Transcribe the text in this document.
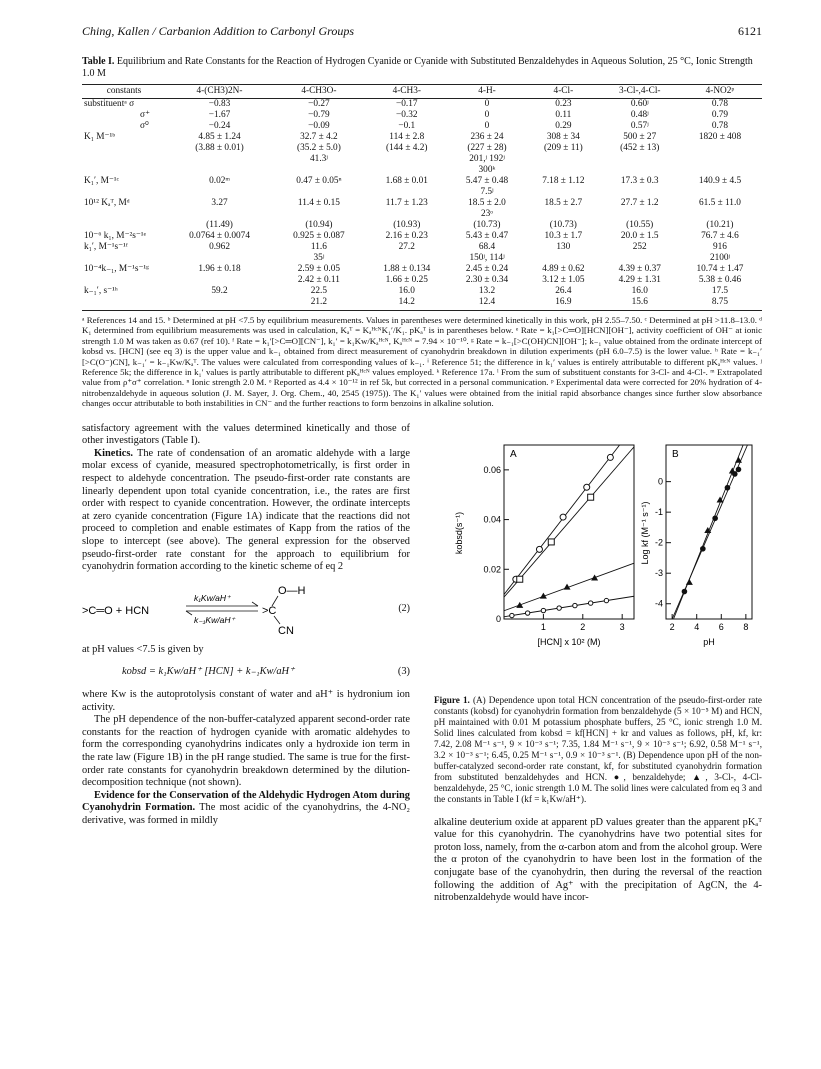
Ching, Kallen / Carbanion Addition to Carbonyl Groups	6121
Table I. Equilibrium and Rate Constants for the Reaction of Hydrogen Cyanide or Cyanide with Substituted Benzaldehydes in Aqueous Solution, 25 °C, Ionic Strength 1.0 M
constants	4-(CH3)2N-	4-CH3O-	4-CH3-	4-H-	4-Cl-	3-Cl-,4-Cl-	4-NO2ᵖ
substituentᵃ σ	−0.83	−0.27	−0.17	0	0.23	0.60ʲ	0.78
σ⁺	−1.67	−0.79	−0.32	0	0.11	0.48ʲ	0.79
σ⁰	−0.24	−0.09	−0.1	0	0.29	0.57ʲ	0.78
K₁ M⁻¹ᵇ	4.85 ± 1.24	32.7 ± 4.2	114 ± 2.8	236 ± 24	308 ± 34	500 ± 27	1820 ± 408
	(3.88 ± 0.01)	(35.2 ± 5.0)	(144 ± 4.2)	(227 ± 28)	(209 ± 11)	(452 ± 13)	
		41.3ʲ		201,ʲ 192ʲ			
				300ᵏ			
K₁′, M⁻¹ᶜ	0.02ᵐ	0.47 ± 0.05ⁿ	1.68 ± 0.01	5.47 ± 0.48	7.18 ± 1.12	17.3 ± 0.3	140.9 ± 4.5
				7.5ʲ			
10¹² Kₐᵀ, Mᵈ	3.27	11.4 ± 0.15	11.7 ± 1.23	18.5 ± 2.0	18.5 ± 2.7	27.7 ± 1.2	61.5 ± 11.0
				23ᵒ			
	(11.49)	(10.94)	(10.93)	(10.73)	(10.73)	(10.55)	(10.21)
10⁻⁶ k₁, M⁻²s⁻¹ᵉ	0.0764 ± 0.0074	0.925 ± 0.087	2.16 ± 0.23	5.43 ± 0.47	10.3 ± 1.7	20.0 ± 1.5	76.7 ± 4.6
k₁′, M⁻¹s⁻¹ᶠ	0.962	11.6	27.2	68.4	130	252	916
		35ʲ		150ʲ, 114ʲ			2100ʲ
10⁻⁴k₋₁, M⁻¹s⁻¹ᵍ	1.96 ± 0.18	2.59 ± 0.05	1.88 ± 0.134	2.45 ± 0.24	4.89 ± 0.62	4.39 ± 0.37	10.74 ± 1.47
		2.42 ± 0.11	1.66 ± 0.25	2.30 ± 0.34	3.12 ± 1.05	4.29 ± 1.31	5.38 ± 0.46
k₋₁′, s⁻¹ʰ	59.2	22.5	16.0	13.2	26.4	16.0	17.5
		21.2	14.2	12.4	16.9	15.6	8.75
ᵃ References 14 and 15. ᵇ Determined at pH <7.5 by equilibrium measurements. Values in parentheses were determined kinetically in this work, pH 2.55–7.50. ᶜ Determined at pH >11.8–13.0. ᵈ K₁ determined from equilibrium measurements was used in calculation, Kₐᵀ = KₐᴴᶜᴺK₁′/K₁. pKₐᵀ is in parentheses below. ᵉ Rate = k₁[>C═O][HCN][OH⁻], activity coefficient of OH⁻ at ionic strength 1.0 M was taken as 0.67 (ref 10). ᶠ Rate = k₁′[>C═O][CN⁻], k₁′ = k₁Kw/Kₐᴴᶜᴺ, Kₐᴴᶜᴺ = 7.94 × 10⁻¹⁰. ᵍ Rate = k₋₁[>C(OH)CN][OH⁻]; k₋₁ value obtained from the ordinate intercept of kobsd vs. [HCN] (see eq 3) is the upper value and k₋₁ obtained from direct measurement of cyanohydrin breakdown in dilution experiments (pH 6.0–7.5) is the lower value. ʰ Rate = k₋₁′[>C(O⁻)CN], k₋₁′ = k₋₁Kw/Kₐᵀ. The values were calculated from corresponding values of k₋₁. ⁱ Reference 51; the difference in k₁′ values is entirely attributable to different pKₐᴴᶜᴺ values. ʲ Reference 5k; the difference in k₁′ values is partly attributable to different pKₐᴴᶜᴺ values employed. ᵏ Reference 17a. ˡ From the sum of substituent constants for 3-Cl- and 4-Cl-. ᵐ Extrapolated value from ρ⁺σ⁺ correlation. ⁿ Ionic strength 2.0 M. ᵒ Reported as 4.4 × 10⁻¹² in ref 5k, but corrected in a personal communication. ᵖ Experimental data were corrected for 20% hydration of 4-nitrobenzaldehyde in aqueous solution (J. M. Sayer, J. Org. Chem., 40, 2545 (1975)). The K₁′ values were obtained from the initial rapid absorbance changes since further slow absorbance changes occur attributable to both instabilities in CN⁻ and the further reactions to form benzoins in alkaline solution.

satisfactory agreement with the values determined kinetically and those of other investigators (Table I).

Kinetics. The rate of condensation of an aromatic aldehyde with a large molar excess of cyanide, measured spectrophotometrically, is first order in respect to aldehyde concentration. The pseudo-first-order rate constants are linearly dependent upon total cyanide concentration, i.e., the rates are first order with respect to cyanide concentration. However, the ordinate intercepts at zero cyanide concentration (Figure 1A) indicate that the reactions did not proceed to completion and enable estimates of Kapp from the ratios of the slope to intercept (see above). The general expression for the observed pseudo-first-order rate constant for the approach to equilibrium for cyanohydrin formation according to the kinetic scheme of eq 2

>C═O + HCN
k₁Kw/aH⁺
k₋₁Kw/aH⁺
O—H
>C
CN
(2)

at pH values <7.5 is given by

kobsd = k₁Kw/aH⁺ [HCN] + k₋₁Kw/aH⁺	(3)

where Kw is the autoprotolysis constant of water and aH⁺ is hydronium ion activity.

The pH dependence of the non-buffer-catalyzed apparent second-order rate constants for the reaction of hydrogen cyanide with aromatic aldehydes to form the corresponding cyanohydrins indicates only a hydroxide ion term in the rate law (Figure 1B) in the pH range studied. The same is true for the first-order rate constants for cyanohydrin breakdown determined by the dilution-decomposition technique (not shown).

Evidence for the Conservation of the Aldehydic Hydrogen Atom during Cyanohydrin Formation. The most acidic of the cyanohydrins, the 4-NO₂ derivative, was formed in mildly

A
0
0.02
0.04
0.06
1	2	3
kobsd(s⁻¹)
[HCN] x 10² (M)
B
0
-1
-2
-3
-4
2 4 6 8
Log kf (M⁻¹ s⁻¹)
pH
Figure 1. (A) Dependence upon total HCN concentration of the pseudo-first-order rate constants (kobsd) for cyanohydrin formation from benzaldehyde (5 × 10⁻⁵ M) and HCN, pH maintained with 0.01 M potassium phosphate buffers, 25 °C, ionic strengh 1.0 M. Solid lines calculated from kobsd = kf[HCN] + kr and values as follows, pH, kf, kr: 7.42, 2.08 M⁻¹ s⁻¹, 9 × 10⁻³ s⁻¹; 7.35, 1.84 M⁻¹ s⁻¹, 9 × 10⁻³ s⁻¹; 6.92, 0.58 M⁻¹ s⁻¹, 3.2 × 10⁻³ s⁻¹; 6.45, 0.25 M⁻¹ s⁻¹, 0.9 × 10⁻³ s⁻¹. (B) Dependence upon pH of the non-buffer-catalyzed second-order rate constant, kf, for substituted cyanohydrin formation from substituted benzaldehydes and HCN. ●, benzaldehyde; ▲, 3-Cl-, 4-Cl-benzaldehyde, 25 °C, ionic strength 1.0 M. The solid lines were calculated from eq 3 and the constants in Table I (kf = k₁Kw/aH⁺).

alkaline deuterium oxide at apparent pD values greater than the apparent pKₐᵀ value for this cyanohydrin. The cyanohydrins have two potential sites for proton loss, namely, from the α-carbon atom and from the alcohol group. Were the α proton of the cyanohydrin to have been lost in the formation of the conjugate base of the cyanohydrin, then during the reversal of the reaction following the addition of Ag⁺ with the precipitation of AgCN, the 4-nitrobenzaldehyde would have incor-
